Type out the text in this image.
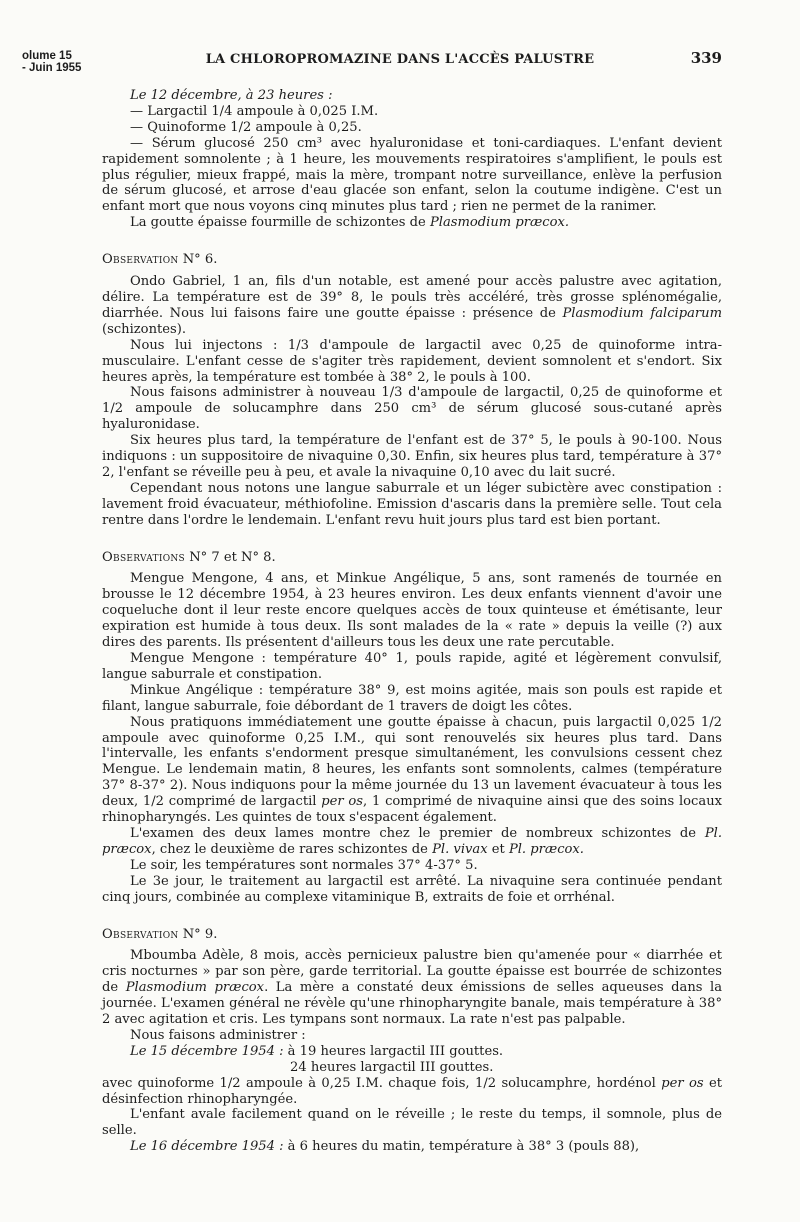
olume 15
- Juin 1955
LA CHLOROPROMAZINE DANS L'ACCÈS PALUSTRE	339

Le 12 décembre, à 23 heures :

— Largactil 1/4 ampoule à 0,025 I.M.

— Quinoforme 1/2 ampoule à 0,25.

— Sérum glucosé 250 cm³ avec hyaluronidase et toni-cardiaques. L'enfant devient rapidement somnolente ; à 1 heure, les mouvements respiratoires s'amplifient, le pouls est plus régulier, mieux frappé, mais la mère, trompant notre surveillance, enlève la perfusion de sérum glucosé, et arrose d'eau glacée son enfant, selon la coutume indigène. C'est un enfant mort que nous voyons cinq minutes plus tard ; rien ne permet de la ranimer.

La goutte épaisse fourmille de schizontes de Plasmodium præcox.

Observation N° 6.

Ondo Gabriel, 1 an, fils d'un notable, est amené pour accès palustre avec agitation, délire. La température est de 39° 8, le pouls très accéléré, très grosse splénomégalie, diarrhée. Nous lui faisons faire une goutte épaisse : présence de Plasmodium falciparum (schizontes).

Nous lui injectons : 1/3 d'ampoule de largactil avec 0,25 de quinoforme intra-musculaire. L'enfant cesse de s'agiter très rapidement, devient somnolent et s'endort. Six heures après, la température est tombée à 38° 2, le pouls à 100.

Nous faisons administrer à nouveau 1/3 d'ampoule de largactil, 0,25 de quinoforme et 1/2 ampoule de solucamphre dans 250 cm³ de sérum glucosé sous-cutané après hyaluronidase.

Six heures plus tard, la température de l'enfant est de 37° 5, le pouls à 90-100. Nous indiquons : un suppositoire de nivaquine 0,30. Enfin, six heures plus tard, température à 37° 2, l'enfant se réveille peu à peu, et avale la nivaquine 0,10 avec du lait sucré.

Cependant nous notons une langue saburrale et un léger subictère avec constipation : lavement froid évacuateur, méthiofoline. Emission d'ascaris dans la première selle. Tout cela rentre dans l'ordre le lendemain. L'enfant revu huit jours plus tard est bien portant.

Observations N° 7 et N° 8.

Mengue Mengone, 4 ans, et Minkue Angélique, 5 ans, sont ramenés de tournée en brousse le 12 décembre 1954, à 23 heures environ. Les deux enfants viennent d'avoir une coqueluche dont il leur reste encore quelques accès de toux quinteuse et émétisante, leur expiration est humide à tous deux. Ils sont malades de la « rate » depuis la veille (?) aux dires des parents. Ils présentent d'ailleurs tous les deux une rate percutable.

Mengue Mengone : température 40° 1, pouls rapide, agité et légèrement convulsif, langue saburrale et constipation.

Minkue Angélique : température 38° 9, est moins agitée, mais son pouls est rapide et filant, langue saburrale, foie débordant de 1 travers de doigt les côtes.

Nous pratiquons immédiatement une goutte épaisse à chacun, puis largactil 0,025 1/2 ampoule avec quinoforme 0,25 I.M., qui sont renouvelés six heures plus tard. Dans l'intervalle, les enfants s'endorment presque simultanément, les convulsions cessent chez Mengue. Le lendemain matin, 8 heures, les enfants sont somnolents, calmes (température 37° 8-37° 2). Nous indiquons pour la même journée du 13 un lavement évacuateur à tous les deux, 1/2 comprimé de largactil per os, 1 comprimé de nivaquine ainsi que des soins locaux rhinopharyngés. Les quintes de toux s'espacent également.

L'examen des deux lames montre chez le premier de nombreux schizontes de Pl. præcox, chez le deuxième de rares schizontes de Pl. vivax et Pl. præcox.

Le soir, les températures sont normales 37° 4-37° 5.

Le 3e jour, le traitement au largactil est arrêté. La nivaquine sera continuée pendant cinq jours, combinée au complexe vitaminique B, extraits de foie et orrhénal.

Observation N° 9.

Mboumba Adèle, 8 mois, accès pernicieux palustre bien qu'amenée pour « diarrhée et cris nocturnes » par son père, garde territorial. La goutte épaisse est bourrée de schizontes de Plasmodium præcox. La mère a constaté deux émissions de selles aqueuses dans la journée. L'examen général ne révèle qu'une rhinopharyngite banale, mais température à 38° 2 avec agitation et cris. Les tympans sont normaux. La rate n'est pas palpable.

Nous faisons administrer :

Le 15 décembre 1954 : à 19 heures largactil III gouttes.

24 heures largactil III gouttes.

avec quinoforme 1/2 ampoule à 0,25 I.M. chaque fois, 1/2 solucamphre, hordénol per os et désinfection rhinopharyngée.

L'enfant avale facilement quand on le réveille ; le reste du temps, il somnole, plus de selle.

Le 16 décembre 1954 : à 6 heures du matin, température à 38° 3 (pouls 88),
